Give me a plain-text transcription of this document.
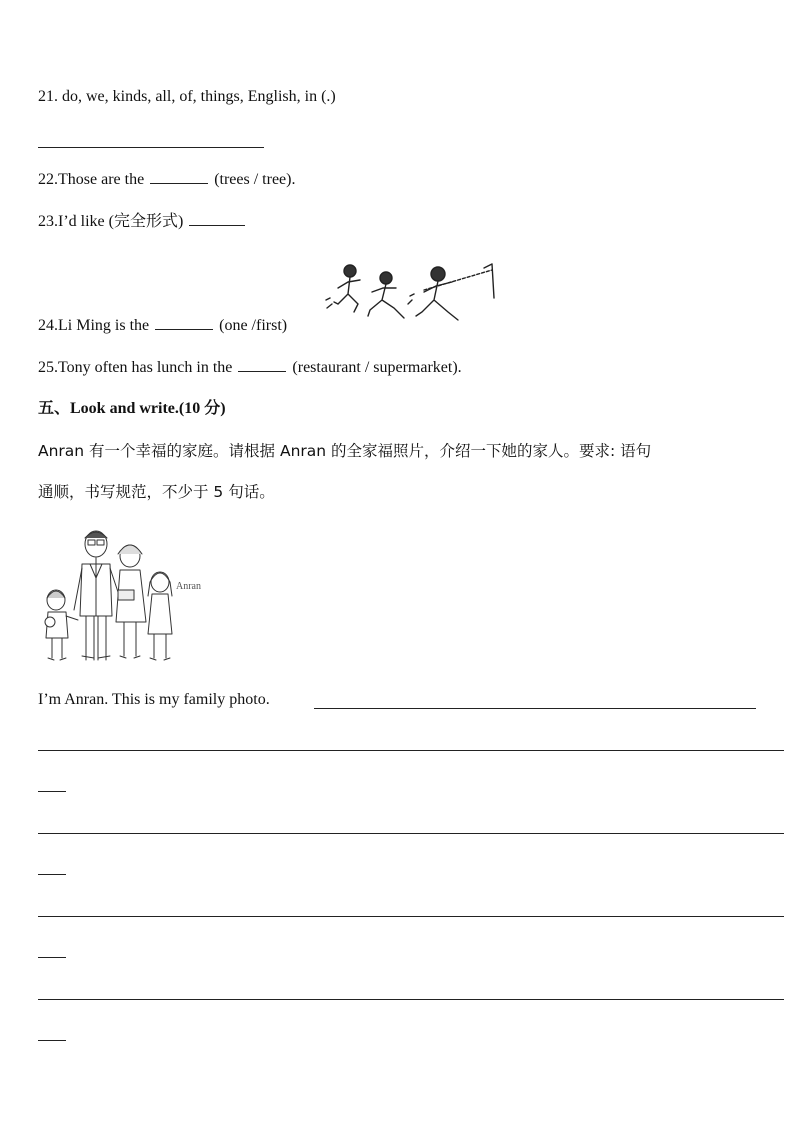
21. do, we, kinds, all, of, things, English, in (.)
22.Those are the	(trees / tree).
23.I’d like (完全形式)
24.Li Ming is the	(one /first)
25.Tony often has lunch in the	(restaurant / supermarket).
五、Look and write.(10 分)
Anran 有一个幸福的家庭。请根据 Anran 的全家福照片，介绍一下她的家人。要求: 语句
通顺，书写规范，不少于 5 句话。
Anran
I’m Anran. This is my family photo.
